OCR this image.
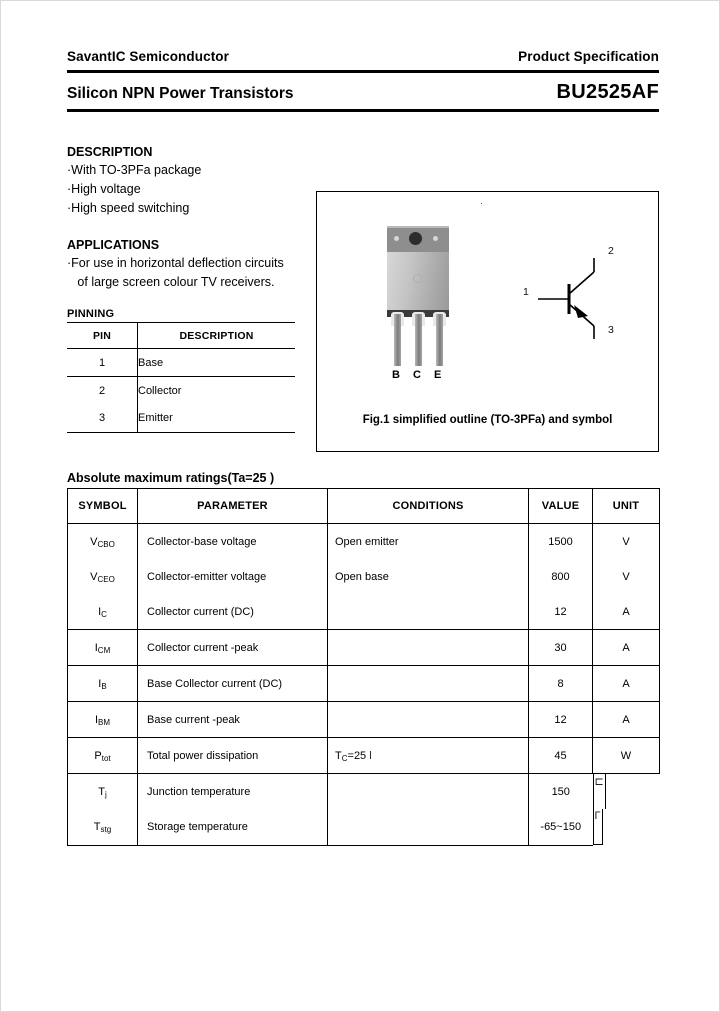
SavantIC Semiconductor	Product Specification
Silicon NPN Power Transistors	BU2525AF
DESCRIPTION
·With TO-3PFa package
·High voltage
·High speed switching
APPLICATIONS
·For use in horizontal deflection circuits
of large screen colour TV receivers.
PINNING
PIN	DESCRIPTION
1	Base
2	Collector
3	Emitter
·
B C E
1
2
3
Fig.1 simplified outline (TO-3PFa) and symbol
Absolute maximum ratings(Ta=25 )
SYMBOL	PARAMETER	CONDITIONS	VALUE	UNIT
$V_{CBO}$	Collector-base voltage	Open emitter	1500	V
$V_{CEO}$	Collector-emitter voltage	Open base	800	V
$I_C$	Collector current (DC)		12	A
$I_{CM}$	Collector current -peak		30	A
$I_B$	Base Collector current (DC)		8	A
$I_{BM}$	Base current -peak		12	A
$P_{tot}$	Total power dissipation	$T_C=25$ l	45	W
$T_j$	Junction temperature		150	⊏
$T_{stg}$	Storage temperature		-65~150	Γ
